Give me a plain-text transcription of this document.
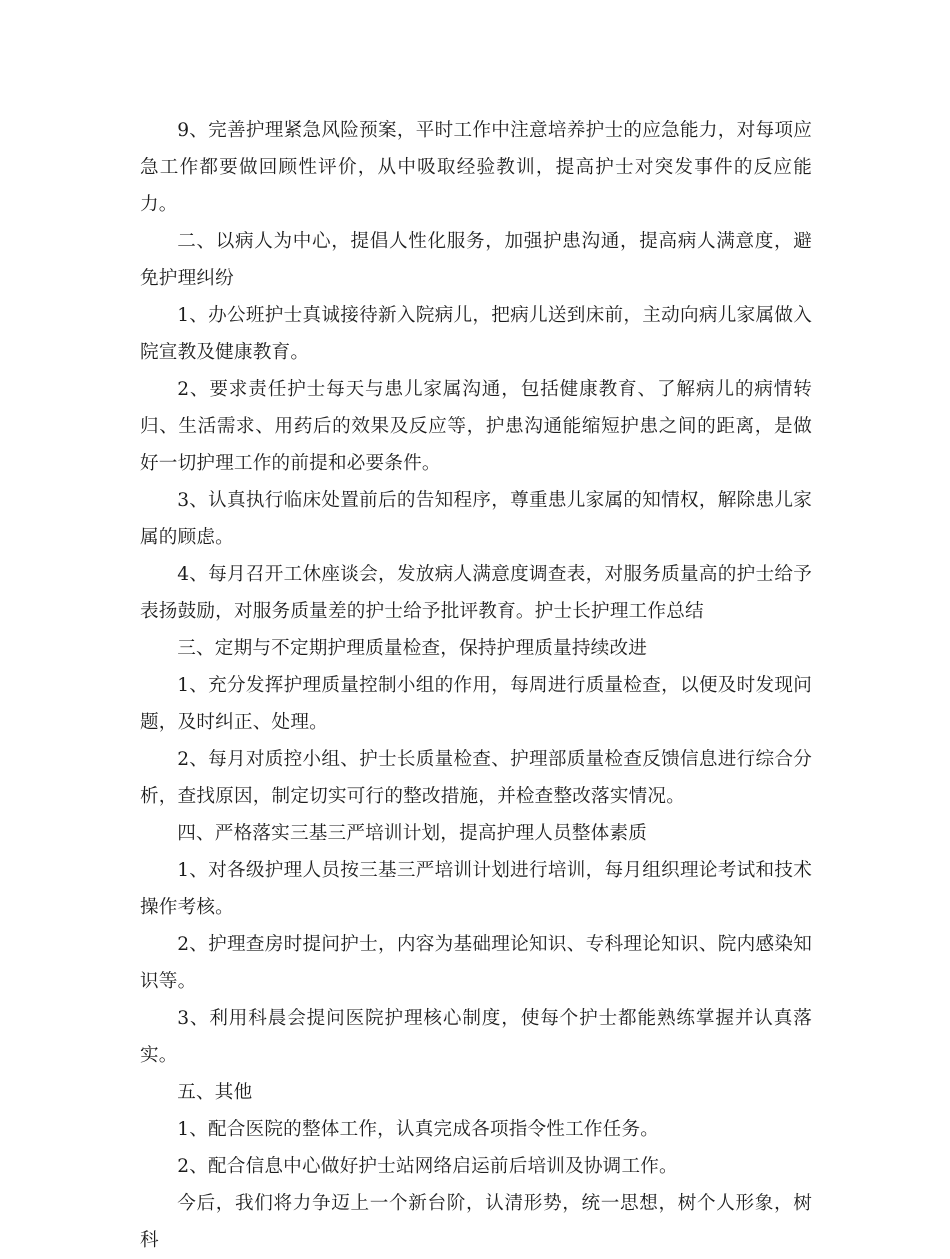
9、完善护理紧急风险预案，平时工作中注意培养护士的应急能力，对每项应急工作都要做回顾性评价，从中吸取经验教训，提高护士对突发事件的反应能力。

二、以病人为中心，提倡人性化服务，加强护患沟通，提高病人满意度，避免护理纠纷

1、办公班护士真诚接待新入院病儿，把病儿送到床前，主动向病儿家属做入院宣教及健康教育。

2、要求责任护士每天与患儿家属沟通，包括健康教育、了解病儿的病情转归、生活需求、用药后的效果及反应等，护患沟通能缩短护患之间的距离，是做好一切护理工作的前提和必要条件。

3、认真执行临床处置前后的告知程序，尊重患儿家属的知情权，解除患儿家属的顾虑。

4、每月召开工休座谈会，发放病人满意度调查表，对服务质量高的护士给予表扬鼓励，对服务质量差的护士给予批评教育。护士长护理工作总结

三、定期与不定期护理质量检查，保持护理质量持续改进

1、充分发挥护理质量控制小组的作用，每周进行质量检查，以便及时发现问题，及时纠正、处理。

2、每月对质控小组、护士长质量检查、护理部质量检查反馈信息进行综合分析，查找原因，制定切实可行的整改措施，并检查整改落实情况。

四、严格落实三基三严培训计划，提高护理人员整体素质

1、对各级护理人员按三基三严培训计划进行培训，每月组织理论考试和技术操作考核。

2、护理查房时提问护士，内容为基础理论知识、专科理论知识、院内感染知识等。

3、利用科晨会提问医院护理核心制度，使每个护士都能熟练掌握并认真落实。

五、其他

1、配合医院的整体工作，认真完成各项指令性工作任务。

2、配合信息中心做好护士站网络启运前后培训及协调工作。

今后，我们将力争迈上一个新台阶，认清形势，统一思想，树个人形象，树科
